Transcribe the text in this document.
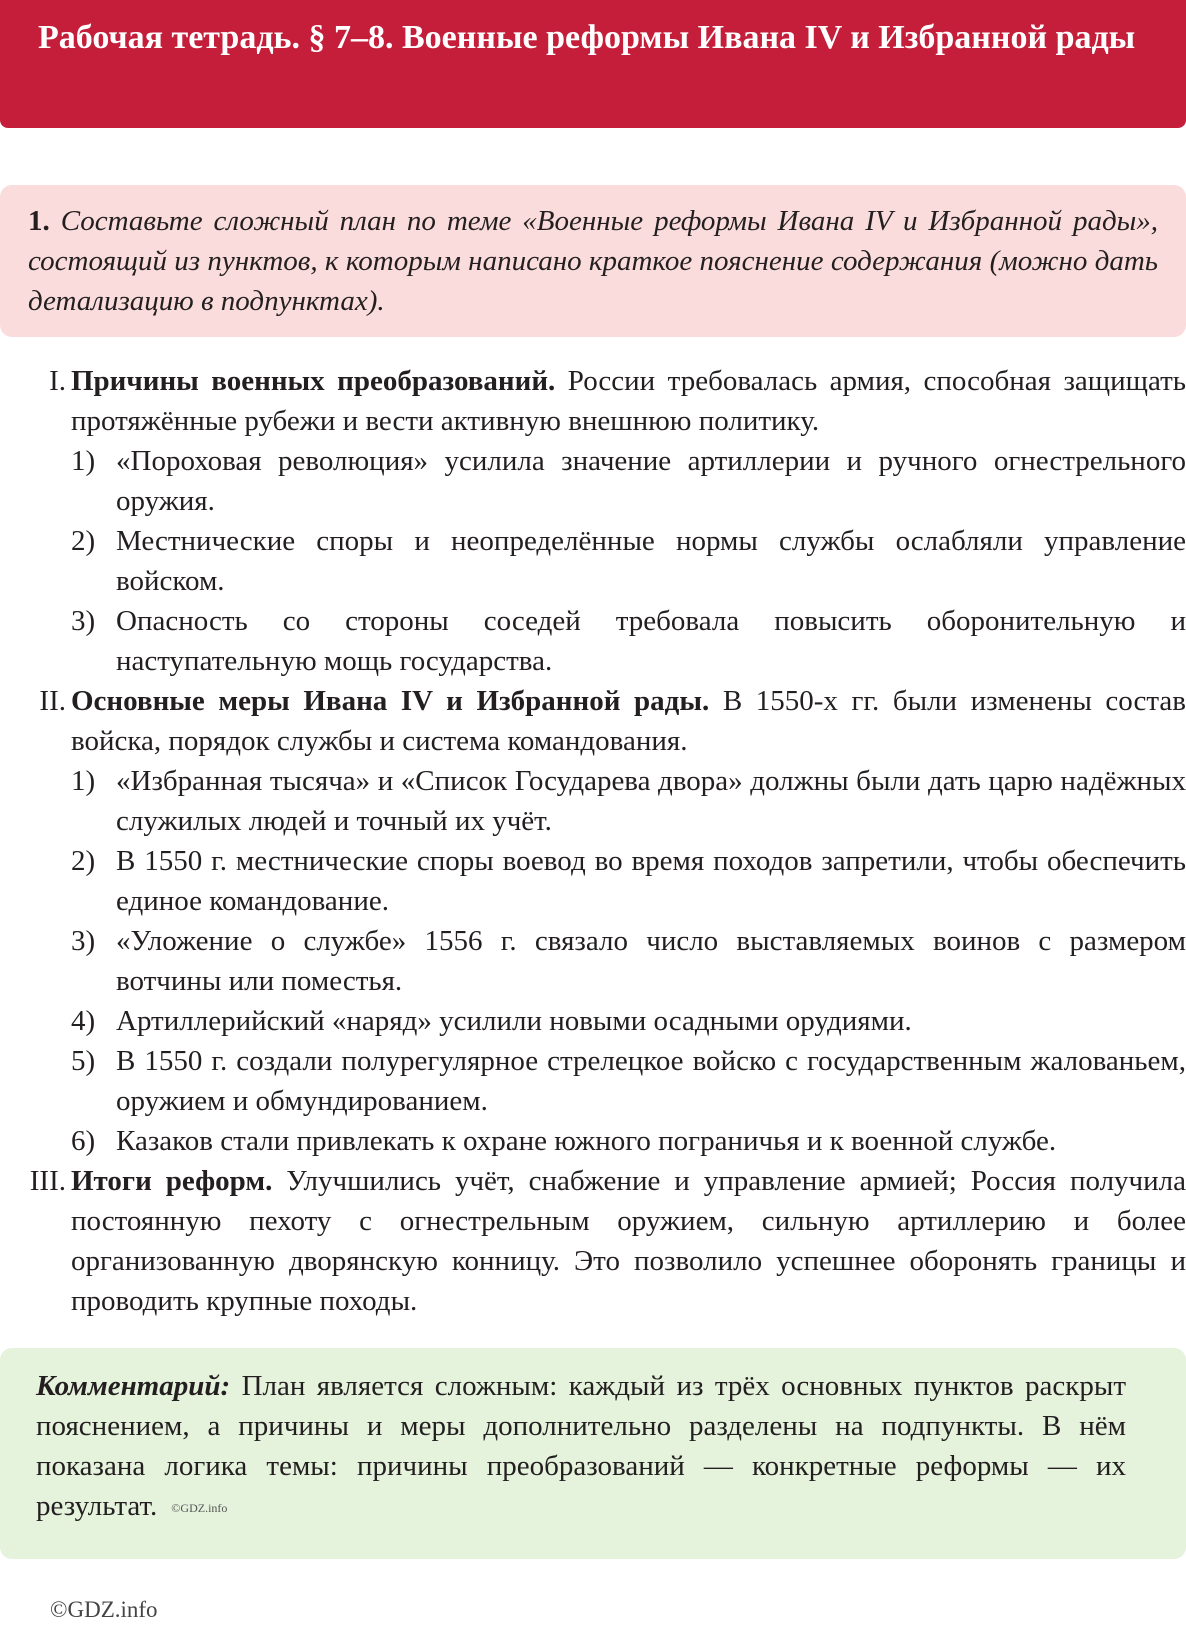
Рабочая тетрадь. § 7–8. Военные реформы Ивана IV и Избранной рады

1. Составьте сложный план по теме «Военные реформы Ивана IV и Избранной рады», состоящий из пунктов, к которым написано краткое пояснение содержания (можно дать детализацию в подпунктах).

I. Причины военных преобразований. России требовалась армия, способная защищать протяжённые рубежи и вести активную внешнюю политику.
1) «Пороховая революция» усилила значение артиллерии и ручного огнестрельного оружия.
2) Местнические споры и неопределённые нормы службы ослабляли управление войском.
3) Опасность со стороны соседей требовала повысить оборонительную и наступательную мощь государства.
II. Основные меры Ивана IV и Избранной рады. В 1550-х гг. были изменены состав войска, порядок службы и система командования.
1) «Избранная тысяча» и «Список Государева двора» должны были дать царю надёжных служилых людей и точный их учёт.
2) В 1550 г. местнические споры воевод во время походов запретили, чтобы обеспечить единое командование.
3) «Уложение о службе» 1556 г. связало число выставляемых воинов с размером вотчины или поместья.
4) Артиллерийский «наряд» усилили новыми осадными орудиями.
5) В 1550 г. создали полурегулярное стрелецкое войско с государственным жалованьем, оружием и обмундированием.
6) Казаков стали привлекать к охране южного пограничья и к военной службе.
III. Итоги реформ. Улучшились учёт, снабжение и управление армией; Россия получила постоянную пехоту с огнестрельным оружием, сильную артиллерию и более организованную дворянскую конницу. Это позволило успешнее оборонять границы и проводить крупные походы.

Комментарий: План является сложным: каждый из трёх основных пунктов раскрыт пояснением, а причины и меры дополнительно разделены на подпункты. В нём показана логика темы: причины преобразований — конкретные реформы — их результат. ©GDZ.info

©GDZ.info
